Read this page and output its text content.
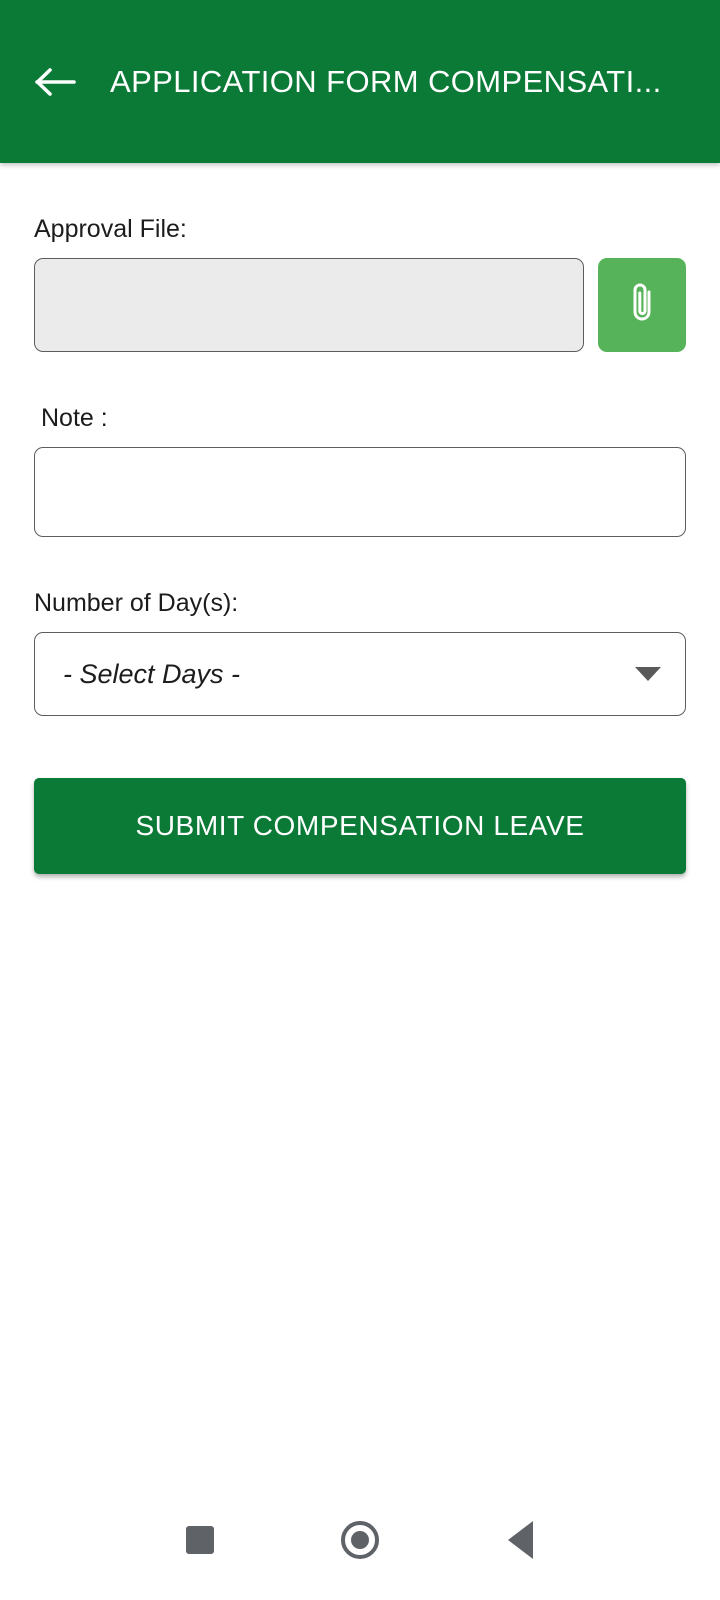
APPLICATION FORM COMPENSATI...
Approval File:
Note :
Number of Day(s):
- Select Days -
SUBMIT COMPENSATION LEAVE
